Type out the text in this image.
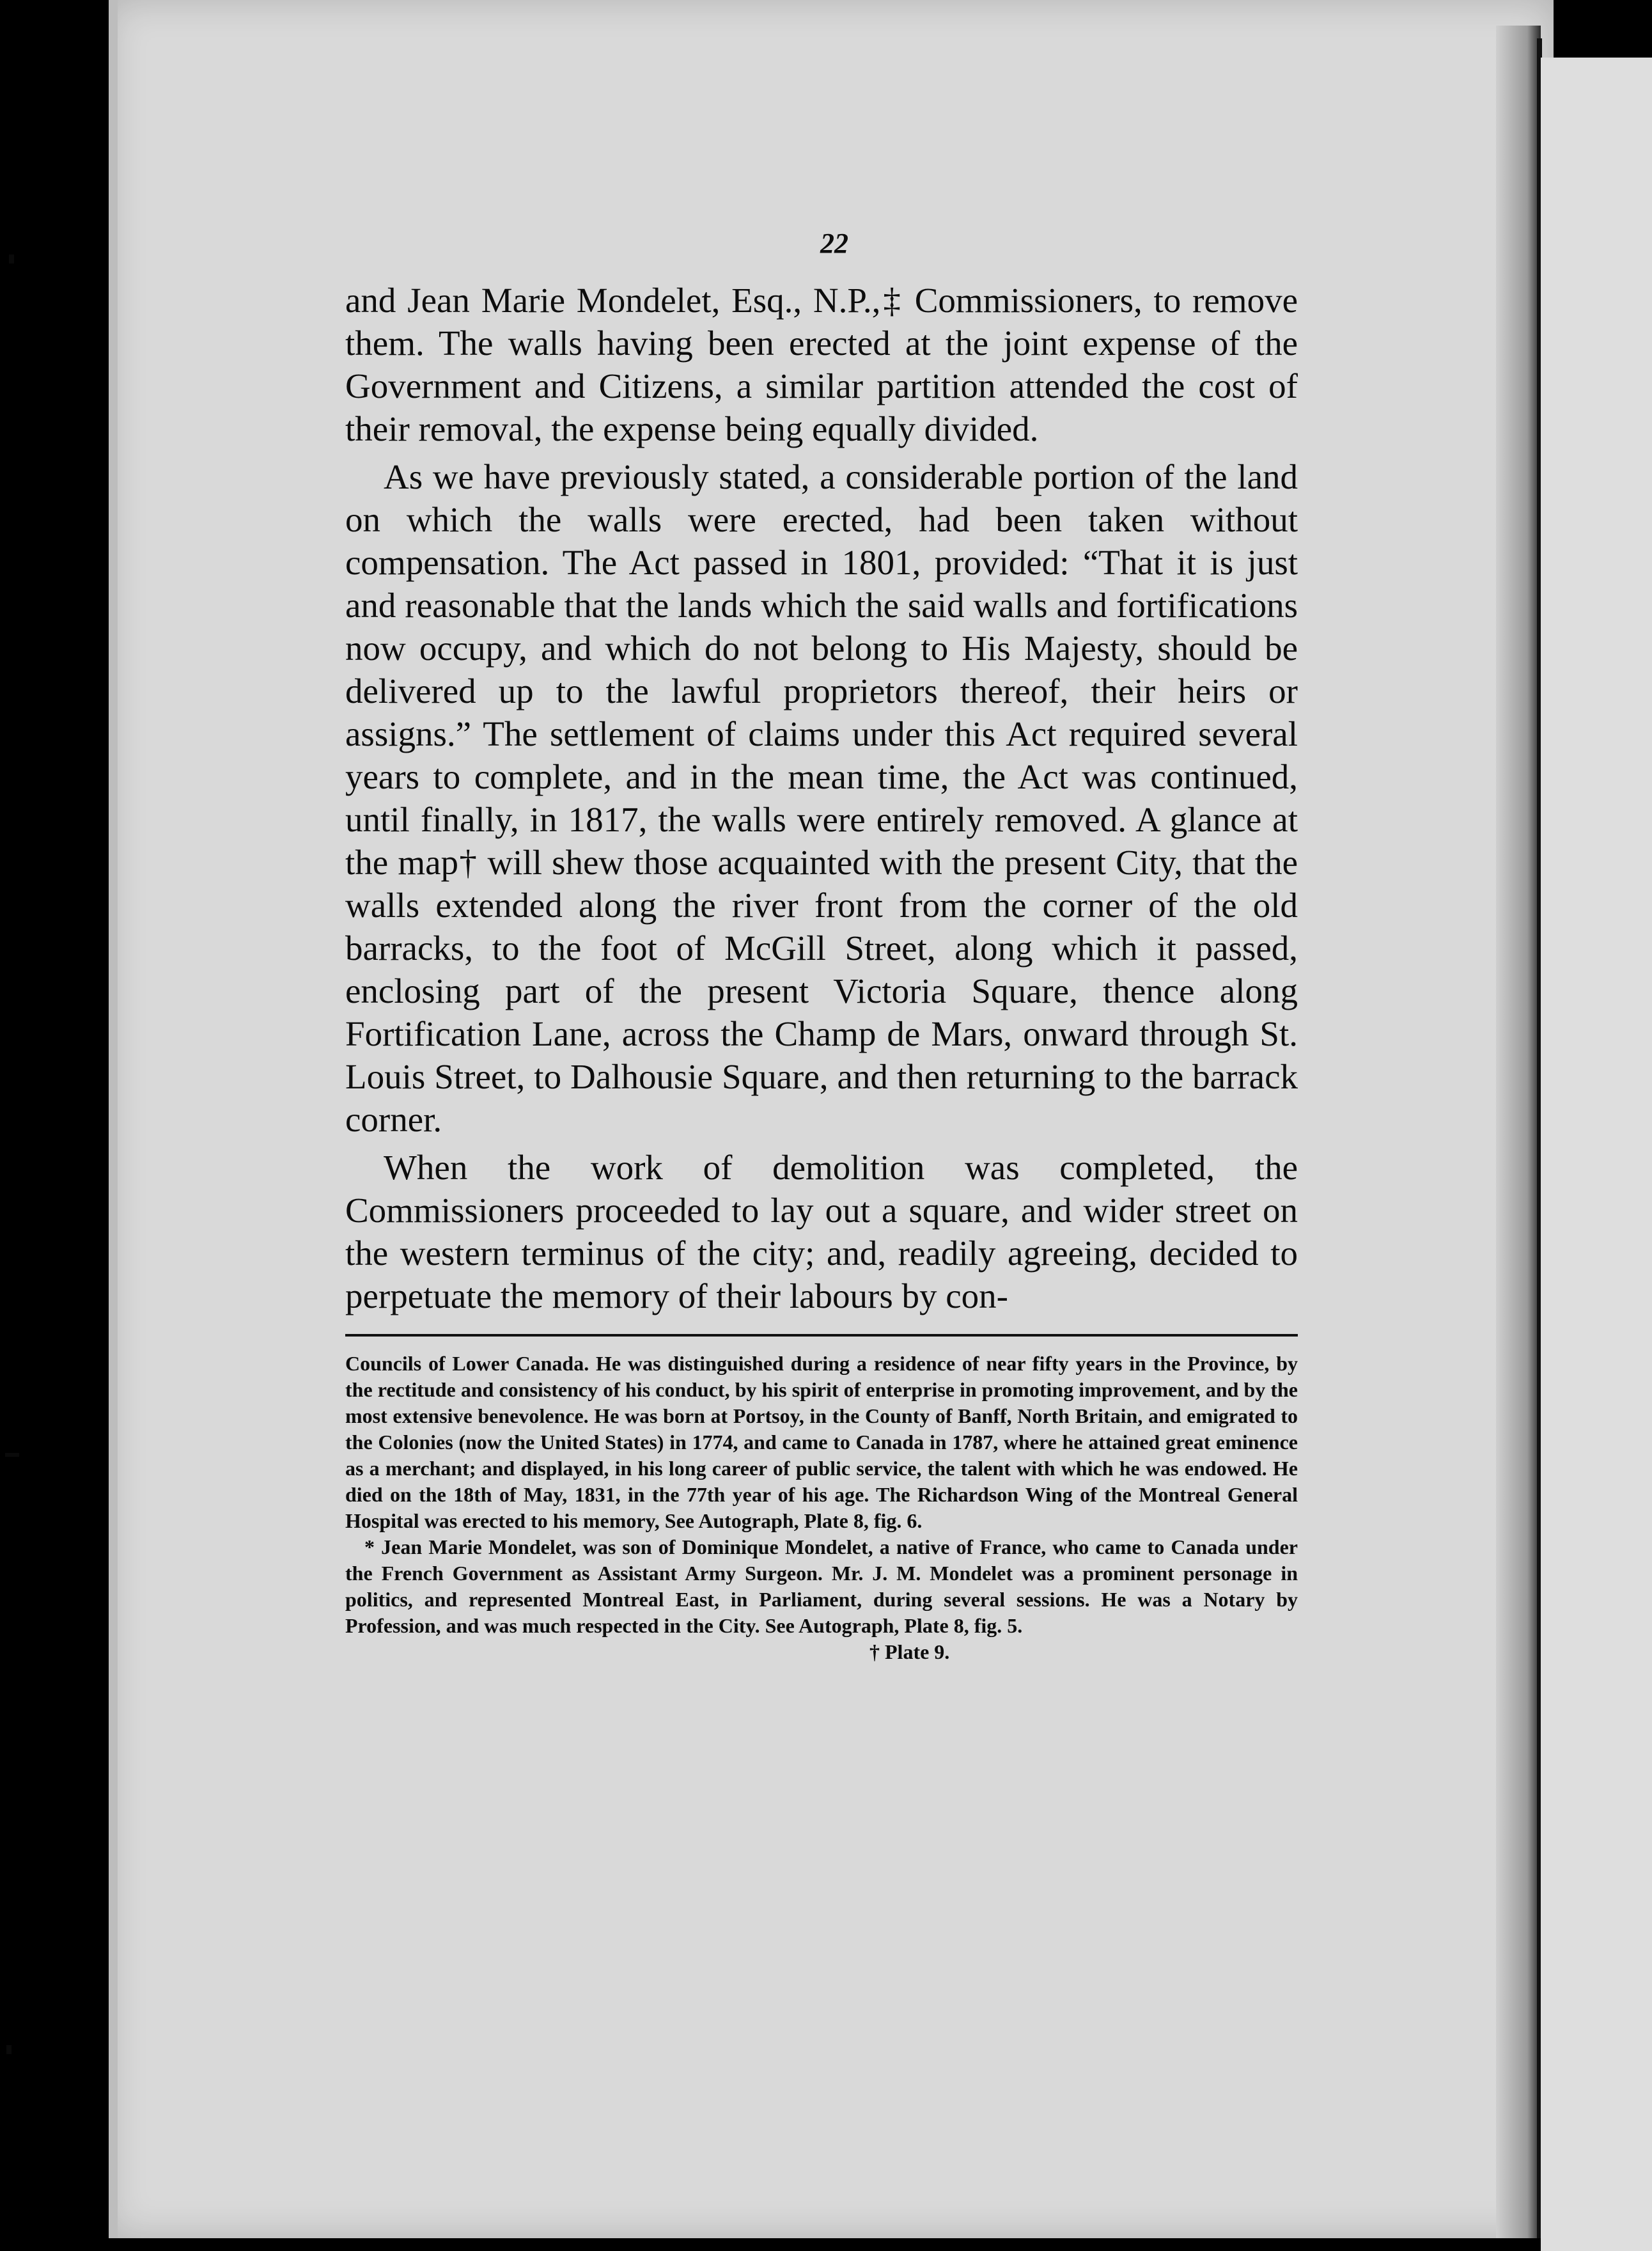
22

and Jean Marie Mondelet, Esq., N.P.,‡ Commissioners, to remove them. The walls having been erected at the joint expense of the Government and Citizens, a similar partition attended the cost of their removal, the expense being equally divided.

As we have previously stated, a considerable portion of the land on which the walls were erected, had been taken without compensation. The Act passed in 1801, provided: “That it is just and reasonable that the lands which the said walls and fortifications now occupy, and which do not belong to His Majesty, should be delivered up to the lawful proprietors thereof, their heirs or assigns.” The settlement of claims under this Act required several years to complete, and in the mean time, the Act was continued, until finally, in 1817, the walls were entirely removed. A glance at the map† will shew those acquainted with the present City, that the walls extended along the river front from the corner of the old barracks, to the foot of McGill Street, along which it passed, enclosing part of the present Victoria Square, thence along Fortification Lane, across the Champ de Mars, onward through St. Louis Street, to Dalhousie Square, and then returning to the barrack corner.

When the work of demolition was completed, the Commissioners proceeded to lay out a square, and wider street on the western terminus of the city; and, readily agreeing, decided to perpetuate the memory of their labours by con-

Councils of Lower Canada. He was distinguished during a residence of near fifty years in the Province, by the rectitude and consistency of his conduct, by his spirit of enterprise in promoting improvement, and by the most extensive benevolence. He was born at Portsoy, in the County of Banff, North Britain, and emigrated to the Colonies (now the United States) in 1774, and came to Canada in 1787, where he attained great eminence as a merchant; and displayed, in his long career of public service, the talent with which he was endowed. He died on the 18th of May, 1831, in the 77th year of his age. The Richardson Wing of the Montreal General Hospital was erected to his memory, See Autograph, Plate 8, fig. 6.

* Jean Marie Mondelet, was son of Dominique Mondelet, a native of France, who came to Canada under the French Government as Assistant Army Surgeon. Mr. J. M. Mondelet was a prominent personage in politics, and represented Montreal East, in Parliament, during several sessions. He was a Notary by Profession, and was much respected in the City. See Autograph, Plate 8, fig. 5.

† Plate 9.
